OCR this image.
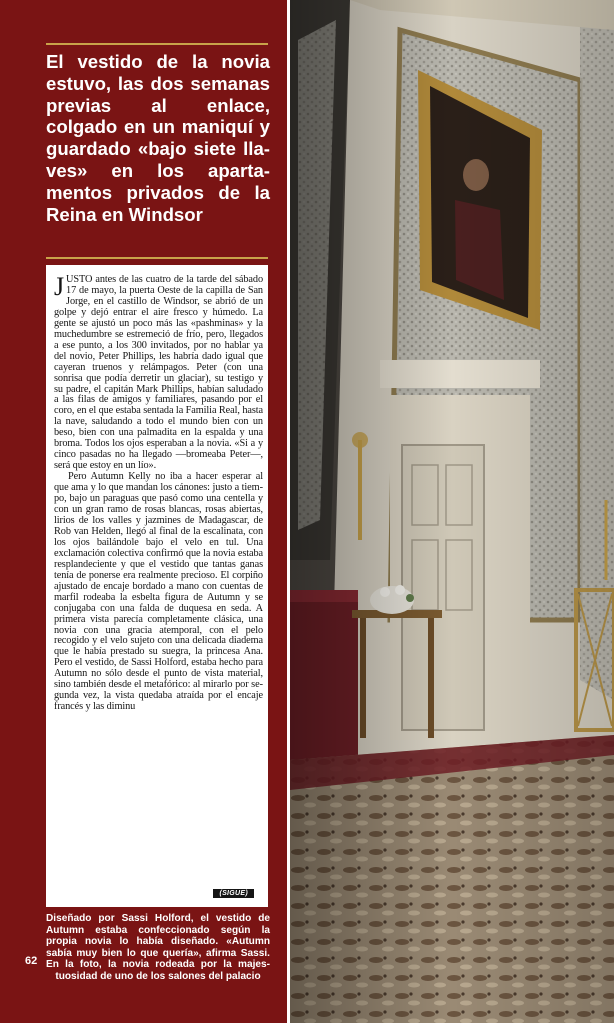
El vestido de la novia estuvo, las dos semanas previas al enlace, colgado en un maniquí y guardado «bajo siete llaves» en los apartamentos privados de la Reina en Windsor

JUSTO antes de las cuatro de la tarde del sábado 17 de mayo, la puerta Oeste de la capilla de San Jorge, en el castillo de Windsor, se abrió de un golpe y dejó entrar el aire fresco y húmedo. La gente se ajustó un poco más las «pashminas» y la muchedumbre se estremeció de frío, pero, llegados a ese punto, a los 300 invitados, por no hablar ya del novio, Peter Phillips, les habría dado igual que cayeran truenos y relámpagos. Peter (con una sonrisa que podía derretir un glaciar), su testigo y su padre, el capitán Mark Phillips, habían saludado a las filas de amigos y familiares, pasando por el coro, en el que estaba sentada la Familia Real, hasta la nave, saludando a todo el mundo bien con un beso, bien con una palmadita en la espalda y una broma. Todos los ojos esperaban a la novia. «Si a y cinco pasadas no ha llegado —bromeaba Peter—, será que estoy en un lío».

Pero Autumn Kelly no iba a hacer esperar al que ama y lo que mandan los cánones: justo a tiempo, bajo un paraguas que pasó como una centella y con un gran ramo de rosas blancas, rosas abiertas, lirios de los valles y jazmines de Madagascar, de Rob van Helden, llegó al final de la escalinata, con los ojos bailándole bajo el velo en tul. Una exclamación colectiva confirmó que la novia estaba resplandeciente y que el vestido que tantas ganas tenía de ponerse era realmente precioso. El corpiño ajustado de encaje bordado a mano con cuentas de marfil rodeaba la esbelta figura de Autumn y se conjugaba con una falda de duquesa en seda. A primera vista parecía completamente clásica, una novia con una gracia atemporal, con el pelo recogido y el velo sujeto con una delicada diadema que le había prestado su suegra, la princesa Ana. Pero el vestido, de Sassi Holford, estaba hecho para Autumn no sólo desde el punto de vista material, sino también desde el metafórico: al mirarlo por segunda vez, la vista quedaba atraída por el encaje francés y las diminu

(SIGUE)

Diseñado por Sassi Holford, el vestido de Autumn estaba confeccionado según la propia novia lo había diseñado. «Autumn sabía muy bien lo que quería», afirma Sassi. En la foto, la novia rodeada por la majestuosidad de uno de los salones del palacio

62
